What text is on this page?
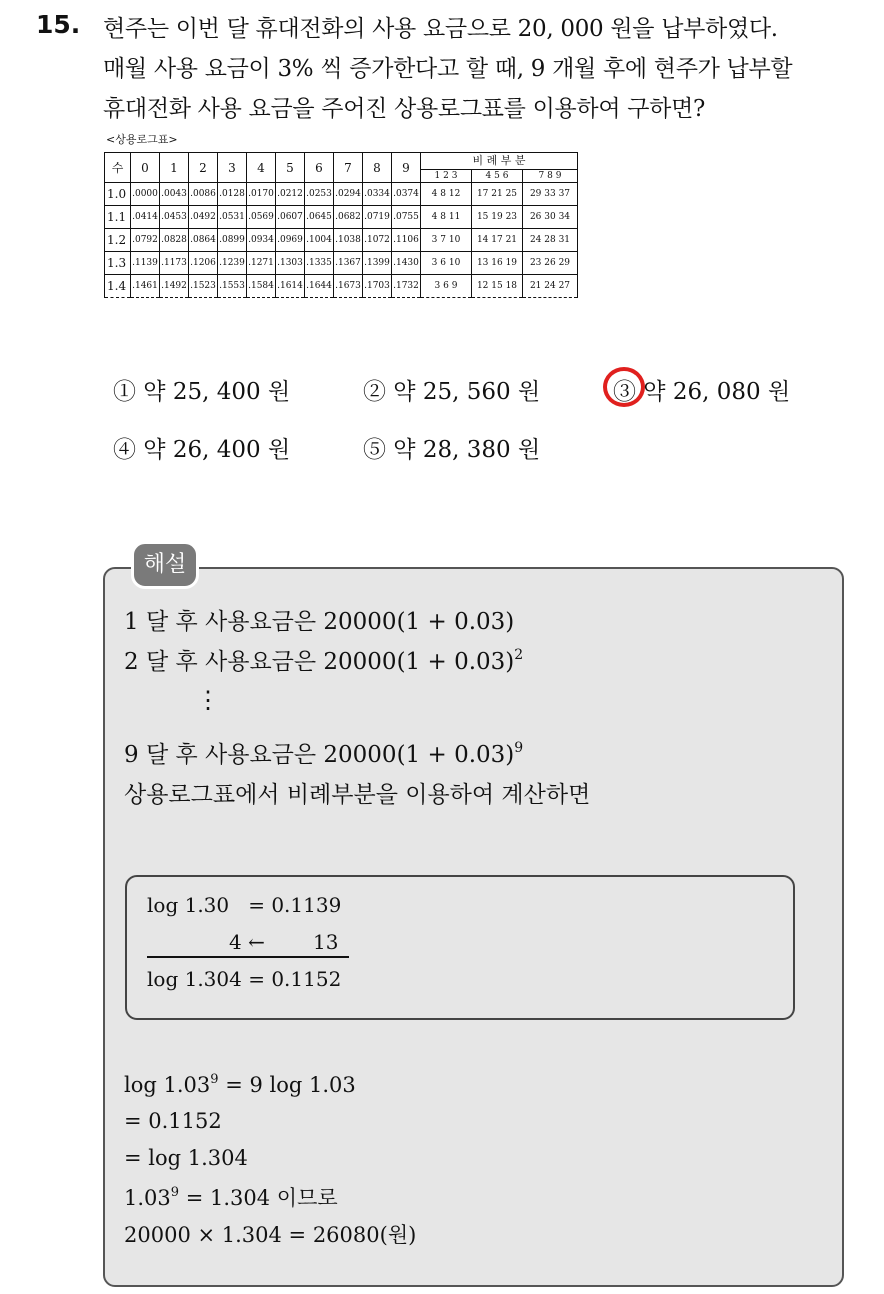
15. 현주는 이번 달 휴대전화의 사용 요금으로 20, 000 원을 납부하였다.
매월 사용 요금이 3% 씩 증가한다고 할 때, 9 개월 후에 현주가 납부할
휴대전화 사용 요금을 주어진 상용로그표를 이용하여 구하면?
<상용로그표>
수	0	1	2	3	4	5	6	7	8	9	비 례 부 분		
											1 2 3	4 5 6	7 8 9
1.0	.0000	.0043	.0086	.0128	.0170	.0212	.0253	.0294	.0334	.0374	4 8 12	17 21 25	29 33 37
1.1	.0414	.0453	.0492	.0531	.0569	.0607	.0645	.0682	.0719	.0755	4 8 11	15 19 23	26 30 34
1.2	.0792	.0828	.0864	.0899	.0934	.0969	.1004	.1038	.1072	.1106	3 7 10	14 17 21	24 28 31
1.3	.1139	.1173	.1206	.1239	.1271	.1303	.1335	.1367	.1399	.1430	3 6 10	13 16 19	23 26 29
1.4	.1461	.1492	.1523	.1553	.1584	.1614	.1644	.1673	.1703	.1732	3 6 9	12 15 18	21 24 27
① 약 25, 400 원	② 약 25, 560 원	③ 약 26, 080 원
④ 약 26, 400 원	⑤ 약 28, 380 원
해설
1 달 후 사용요금은 20000(1 + 0.03)
2 달 후 사용요금은 $20000(1 + 0.03)^2$
⋮
9 달 후 사용요금은 $20000(1 + 0.03)^9$
상용로그표에서 비례부분을 이용하여 계산하면
log 1.30   = 0.1139
4 ← 13
log 1.304 = 0.1152
$\log 1.03^9 = 9$ log 1.03
= 0.1152
= log 1.304
$1.03^9 = 1.304$ 이므로
20000 × 1.304 = 26080(원)
